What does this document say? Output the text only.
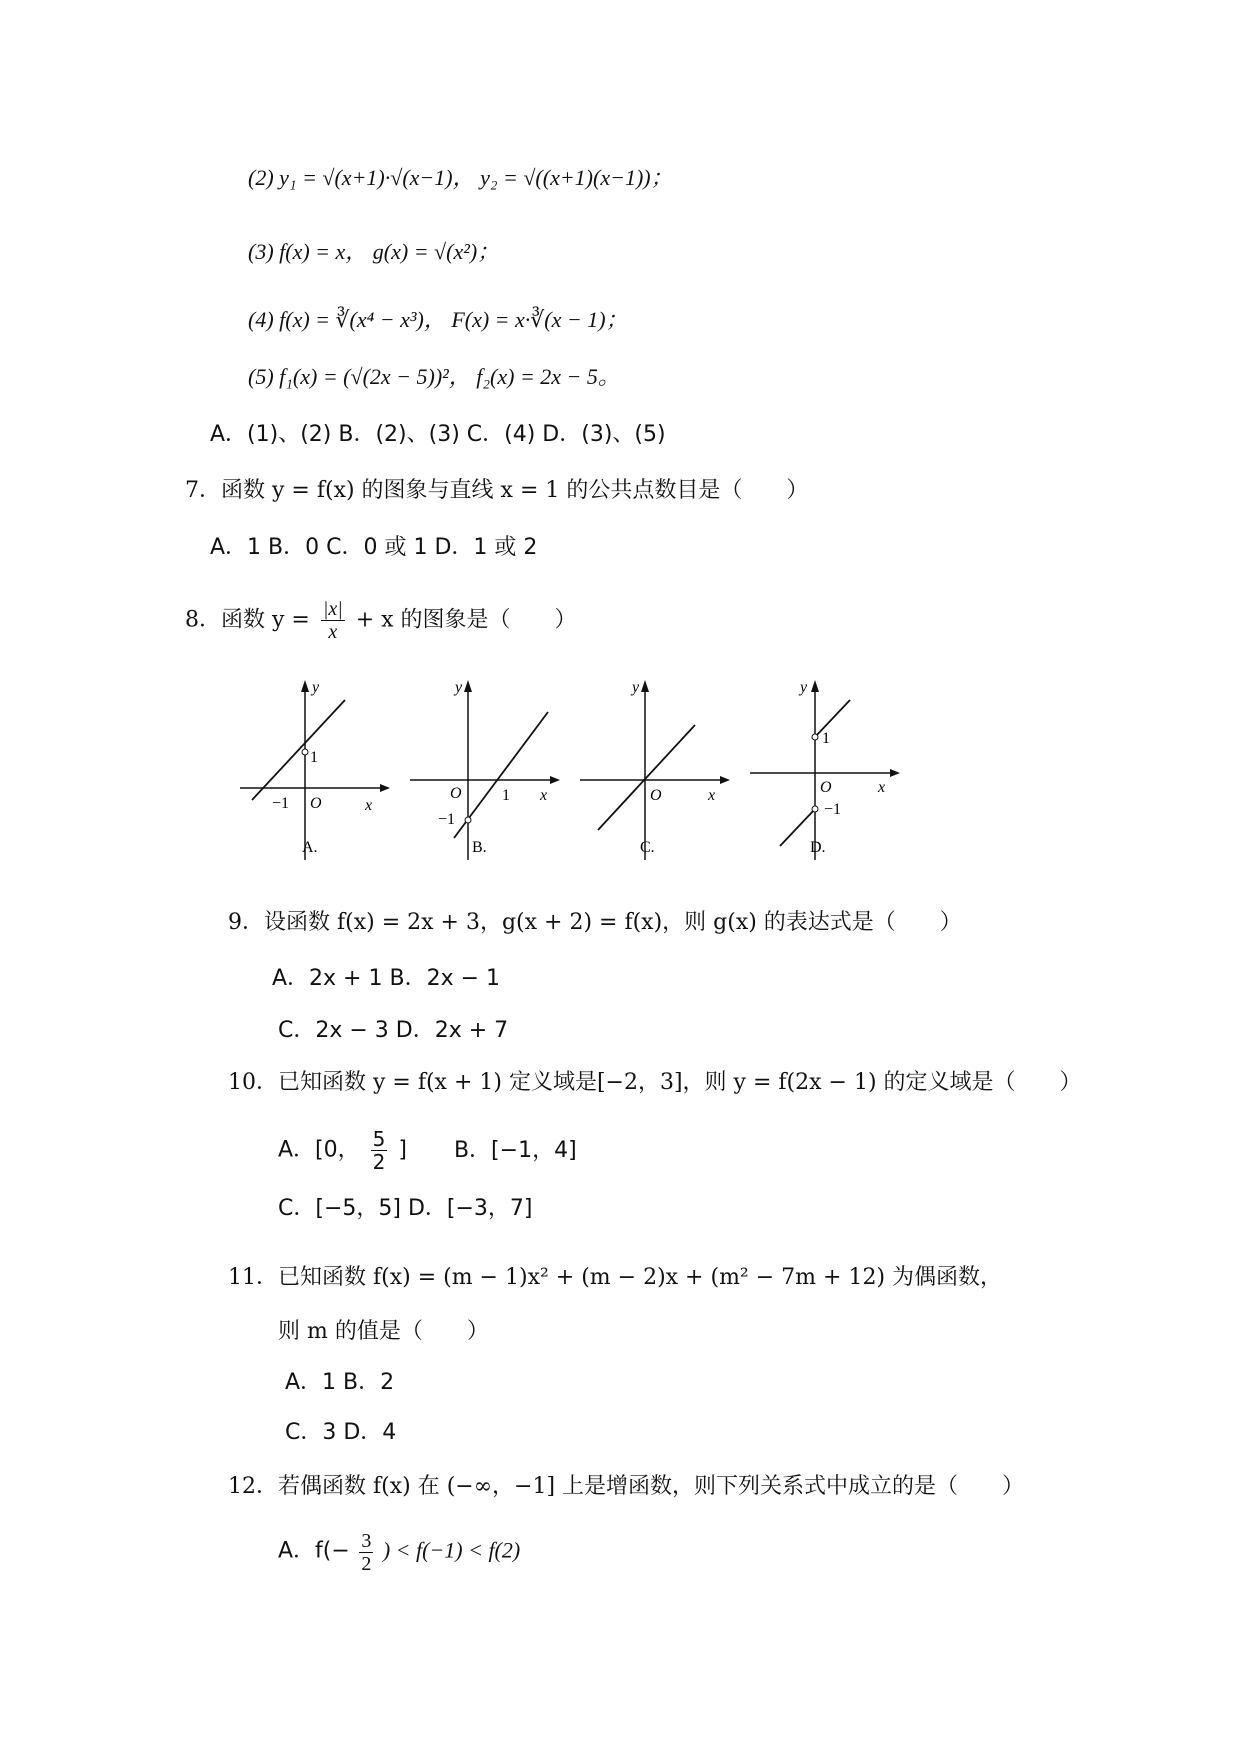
(2) y₁ = √(x+1)·√(x−1)， y₂ = √((x+1)(x−1))；
(3) f(x) = x， g(x) = √(x²)；
(4) f(x) = ∛(x⁴ − x³)， F(x) = x·∛(x − 1)；
(5) f₁(x) = (√(2x − 5))²， f₂(x) = 2x − 5。
A．(1)、(2) B．(2)、(3) C．(4) D．(3)、(5)
7．函数 y = f(x) 的图象与直线 x = 1 的公共点数目是（　　）
A．1 B．0 C．0 或 1 D．1 或 2
8．函数 $y = \frac{|x|}{x} + x$ 的图象是（　　）
y
x
O
1
−1
A.
y
x
O	1
−1
B.
y
x
O
C.
y
x
O
1
−1
D.
9．设函数 f(x) = 2x + 3，g(x + 2) = f(x)，则 g(x) 的表达式是（　　）
A．2x + 1 B．2x − 1
C．2x − 3 D．2x + 7
10．已知函数 y = f(x + 1) 定义域是[−2，3]，则 y = f(2x − 1) 的定义域是（　　）
A．[0， $\frac{5}{2}$ ] B．[−1，4]
C．[−5，5] D．[−3，7]
11．已知函数 f(x) = (m − 1)x² + (m − 2)x + (m² − 7m + 12) 为偶函数，
则 m 的值是（　　）
A．1 B．2
C．3 D．4
12．若偶函数 f(x) 在 (−∞，−1] 上是增函数，则下列关系式中成立的是（　　）
A．$f(- \frac{3}{2}$ ) < f(−1) < f(2)
